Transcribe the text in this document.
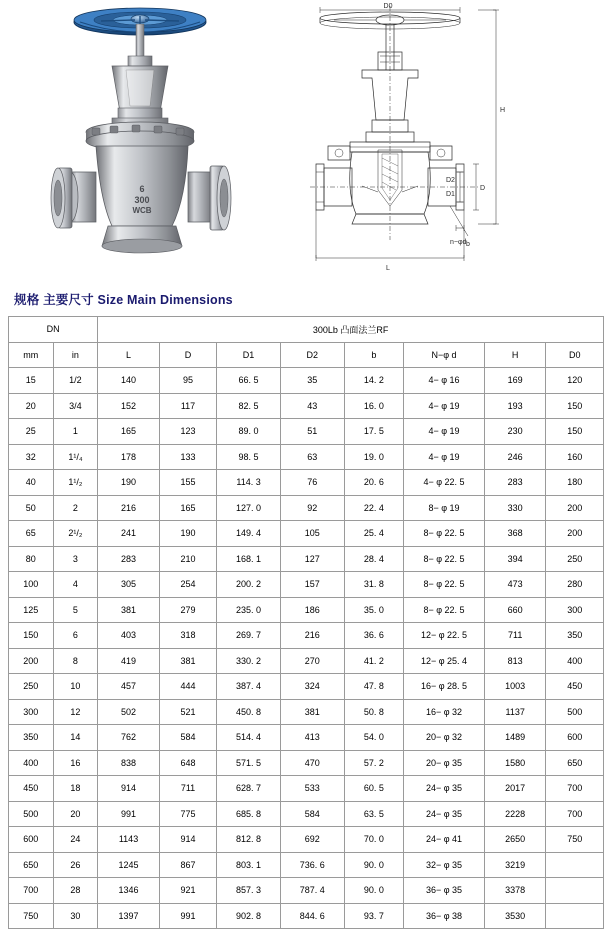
6
300
WCB
D0
H
D
D2
D1
n−φd b
L
规格 主要尺寸 Size Main Dimensions
DN		300Lb 凸面法兰RF							
mm	in	L	D	D1	D2	b	N−φ d	H	D0
15	1/2	140	95	66. 5	35	14. 2	4− φ 16	169	120
20	3/4	152	117	82. 5	43	16. 0	4− φ 19	193	150
25	1	165	123	89. 0	51	17. 5	4− φ 19	230	150
32	1¹/₄	178	133	98. 5	63	19. 0	4− φ 19	246	160
40	1¹/₂	190	155	114. 3	76	20. 6	4− φ 22. 5	283	180
50	2	216	165	127. 0	92	22. 4	8− φ 19	330	200
65	2¹/₂	241	190	149. 4	105	25. 4	8− φ 22. 5	368	200
80	3	283	210	168. 1	127	28. 4	8− φ 22. 5	394	250
100	4	305	254	200. 2	157	31. 8	8− φ 22. 5	473	280
125	5	381	279	235. 0	186	35. 0	8− φ 22. 5	660	300
150	6	403	318	269. 7	216	36. 6	12− φ 22. 5	711	350
200	8	419	381	330. 2	270	41. 2	12− φ 25. 4	813	400
250	10	457	444	387. 4	324	47. 8	16− φ 28. 5	1003	450
300	12	502	521	450. 8	381	50. 8	16− φ 32	1137	500
350	14	762	584	514. 4	413	54. 0	20− φ 32	1489	600
400	16	838	648	571. 5	470	57. 2	20− φ 35	1580	650
450	18	914	711	628. 7	533	60. 5	24− φ 35	2017	700
500	20	991	775	685. 8	584	63. 5	24− φ 35	2228	700
600	24	1143	914	812. 8	692	70. 0	24− φ 41	2650	750
650	26	1245	867	803. 1	736. 6	90. 0	32− φ 35	3219	
700	28	1346	921	857. 3	787. 4	90. 0	36− φ 35	3378	
750	30	1397	991	902. 8	844. 6	93. 7	36− φ 38	3530	
